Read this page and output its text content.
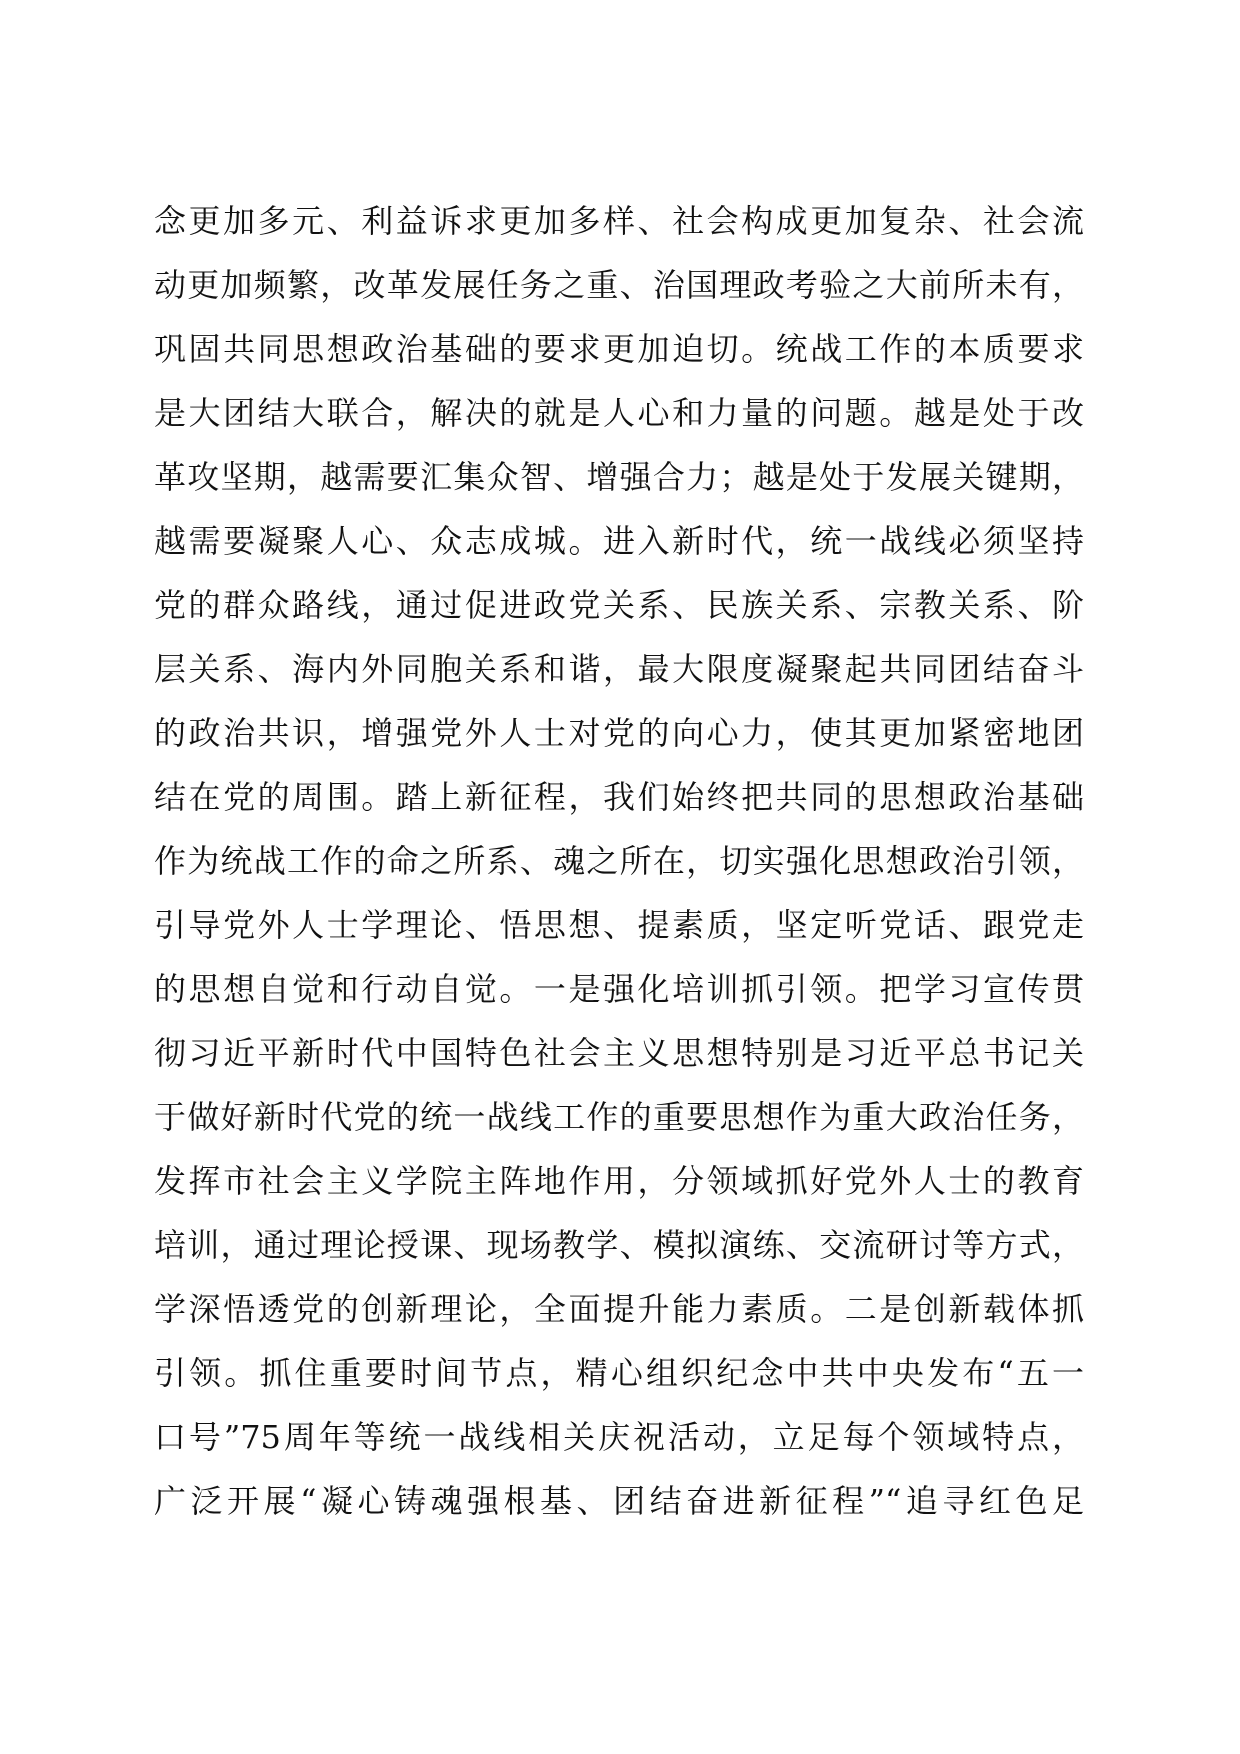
念更加多元、利益诉求更加多样、社会构成更加复杂、社会流
动更加频繁，改革发展任务之重、治国理政考验之大前所未有，
巩固共同思想政治基础的要求更加迫切。统战工作的本质要求
是大团结大联合，解决的就是人心和力量的问题。越是处于改
革攻坚期，越需要汇集众智、增强合力；越是处于发展关键期，
越需要凝聚人心、众志成城。进入新时代，统一战线必须坚持
党的群众路线，通过促进政党关系、民族关系、宗教关系、阶
层关系、海内外同胞关系和谐，最大限度凝聚起共同团结奋斗
的政治共识，增强党外人士对党的向心力，使其更加紧密地团
结在党的周围。踏上新征程，我们始终把共同的思想政治基础
作为统战工作的命之所系、魂之所在，切实强化思想政治引领，
引导党外人士学理论、悟思想、提素质，坚定听党话、跟党走
的思想自觉和行动自觉。一是强化培训抓引领。把学习宣传贯
彻习近平新时代中国特色社会主义思想特别是习近平总书记关
于做好新时代党的统一战线工作的重要思想作为重大政治任务，
发挥市社会主义学院主阵地作用，分领域抓好党外人士的教育
培训，通过理论授课、现场教学、模拟演练、交流研讨等方式，
学深悟透党的创新理论，全面提升能力素质。二是创新载体抓
引领。抓住重要时间节点，精心组织纪念中共中央发布“五一
口号”75周年等统一战线相关庆祝活动，立足每个领域特点，
广泛开展“凝心铸魂强根基、团结奋进新征程”“追寻红色足
